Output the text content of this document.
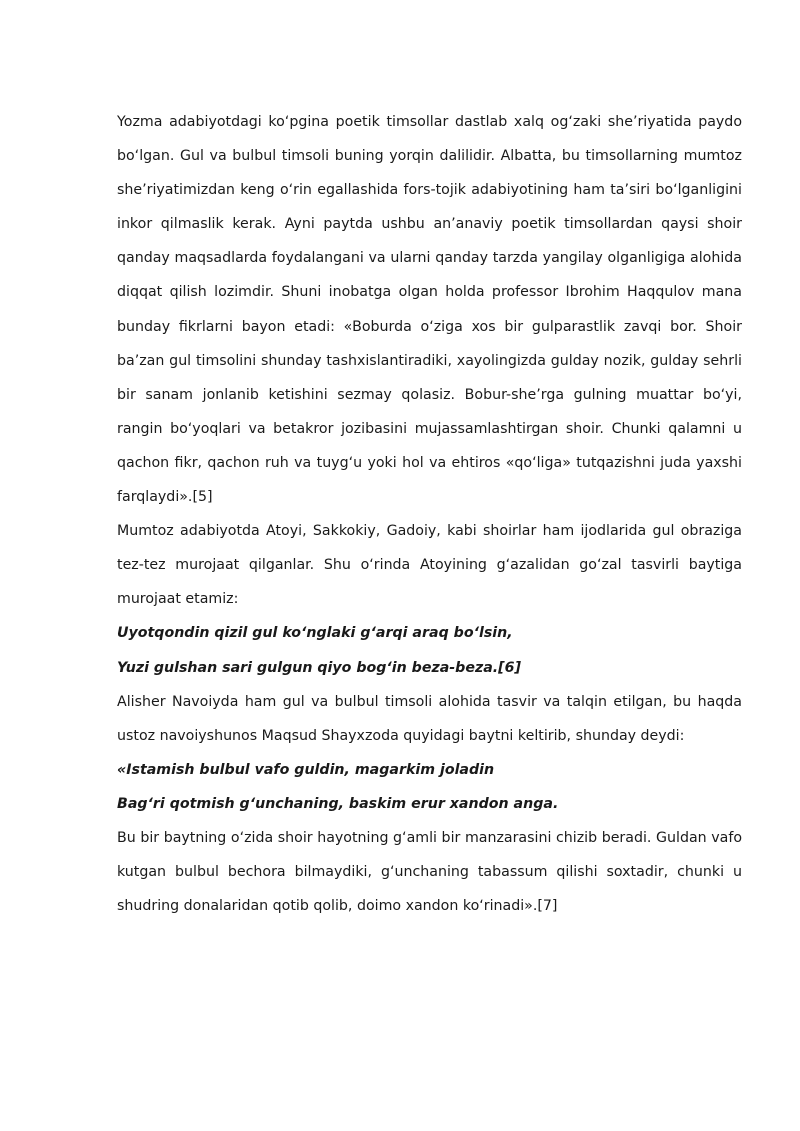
Yozma adabiyotdagi ko‘pgina poetik timsollar dastlab xalq og‘zaki she’riyatida paydo bo‘lgan. Gul va bulbul timsoli buning yorqin dalilidir. Albatta, bu timsollarning mumtoz she’riyatimizdan keng o‘rin egallashida fors-tojik adabiyotining ham ta’siri bo‘lganligini inkor qilmaslik kerak. Ayni paytda ushbu an’anaviy poetik timsollardan qaysi shoir qanday maqsadlarda foydalangani va ularni qanday tarzda yangilay olganligiga alohida diqqat qilish lozimdir. Shuni inobatga olgan holda professor Ibrohim Haqqulov mana bunday fikrlarni bayon etadi: «Boburda o‘ziga xos bir gulparastlik zavqi bor. Shoir ba’zan gul timsolini shunday tashxislantiradiki, xayolingizda gulday nozik, gulday sehrli bir sanam jonlanib ketishini sezmay qolasiz. Bobur-she’rga gulning muattar bo‘yi, rangin bo‘yoqlari va betakror jozibasini mujassamlashtirgan shoir. Chunki qalamni u qachon fikr, qachon ruh va tuyg‘u yoki hol va ehtiros «qo‘liga» tutqazishni juda yaxshi farqlaydi».[5]

Mumtoz adabiyotda Atoyi, Sakkokiy, Gadoiy, kabi shoirlar ham ijodlarida gul obraziga tez-tez murojaat qilganlar. Shu o‘rinda Atoyining g‘azalidan go‘zal tasvirli baytiga murojaat etamiz:

Uyotqondin qizil gul ko‘nglaki g‘arqi araq bo‘lsin,

Yuzi gulshan sari gulgun qiyo bog‘in beza-beza.[6]

Alisher Navoiyda ham gul va bulbul timsoli alohida tasvir va talqin etilgan, bu haqda ustoz navoiyshunos Maqsud Shayxzoda quyidagi baytni keltirib, shunday deydi:

«Istamish bulbul vafo guldin, magarkim joladin

Bag‘ri qotmish g‘unchaning, baskim erur xandon anga.

Bu bir baytning o‘zida shoir hayotning g‘amli bir manzarasini chizib beradi. Guldan vafo kutgan bulbul bechora bilmaydiki, g‘unchaning tabassum qilishi soxtadir, chunki u shudring donalaridan qotib qolib, doimo xandon ko‘rinadi».[7]
